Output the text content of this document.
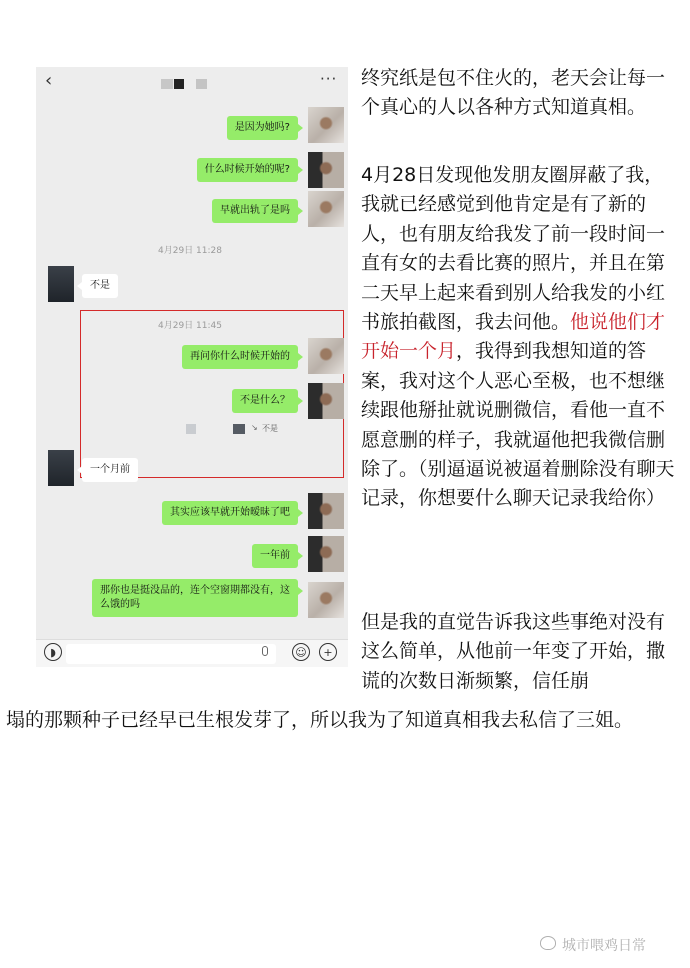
‹	···
是因为她吗?
什么时候开始的呢?
早就出轨了是吗
4月29日 11:28
不是
4月29日 11:45
再问你什么时候开始的
不是什么？
↘ 不是
一个月前
其实应该早就开始暧昧了吧
一年前
那你也是挺没品的，连个空窗期都没有，这么饿的吗
◗	☺	+

终究纸是包不住火的，老天会让每一个真心的人以各种方式知道真相。

4月28日发现他发朋友圈屏蔽了我，我就已经感觉到他肯定是有了新的人，也有朋友给我发了前一段时间一直有女的去看比赛的照片，并且在第二天早上起来看到别人给我发的小红书旅拍截图，我去问他。他说他们才开始一个月，我得到我想知道的答案，我对这个人恶心至极，也不想继续跟他掰扯就说删微信，看他一直不愿意删的样子，我就逼他把我微信删除了。（别逼逼说被逼着删除没有聊天记录，你想要什么聊天记录我给你）

但是我的直觉告诉我这些事绝对没有这么简单，从他前一年变了开始，撒谎的次数日渐频繁，信任崩

塌的那颗种子已经早已生根发芽了，所以我为了知道真相我去私信了三姐。

城市喂鸡日常
